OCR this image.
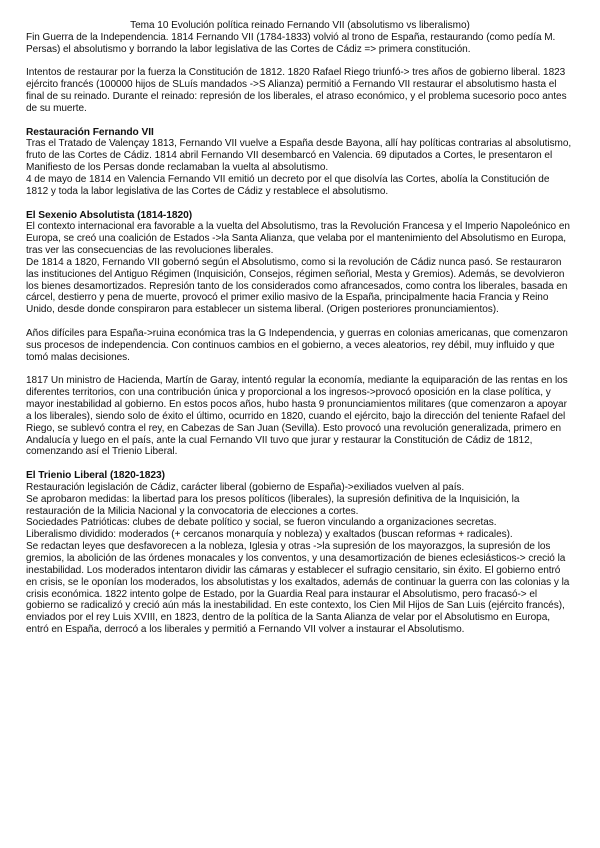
Tema 10 Evolución política reinado Fernando VII (absolutismo vs liberalismo)

Fin Guerra de la Independencia. 1814 Fernando VII (1784-1833) volvió al trono de España, restaurando (como pedía M. Persas) el absolutismo y borrando la labor legislativa de las Cortes de Cádiz => primera constitución.

Intentos de restaurar por la fuerza la Constitución de 1812. 1820 Rafael Riego triunfó-> tres años de gobierno liberal. 1823 ejército francés (100000 hijos de SLuís mandados ->S Alianza) permitió a Fernando VII restaurar el absolutismo hasta el final de su reinado. Durante el reinado: represión de los liberales, el atraso económico, y el problema sucesorio poco antes de su muerte.

Restauración Fernando VII

Tras el Tratado de Valençay 1813, Fernando VII vuelve a España desde Bayona, allí hay políticas contrarias al absolutismo, fruto de las Cortes de Cádiz. 1814 abril Fernando VII desembarcó en Valencia. 69 diputados a Cortes, le presentaron el Manifiesto de los Persas donde reclamaban la vuelta al absolutismo.

4 de mayo de 1814 en Valencia Fernando VII emitió un decreto por el que disolvía las Cortes, abolía la Constitución de 1812 y toda la labor legislativa de las Cortes de Cádiz y restablece el absolutismo.

El Sexenio Absolutista (1814-1820)

El contexto internacional era favorable a la vuelta del Absolutismo, tras la Revolución Francesa y el Imperio Napoleónico en Europa, se creó una coalición de Estados ->la Santa Alianza, que velaba por el mantenimiento del Absolutismo en Europa, tras ver las consecuencias de las revoluciones liberales.

De 1814 a 1820, Fernando VII gobernó según el Absolutismo, como si la revolución de Cádiz nunca pasó. Se restauraron las instituciones del Antiguo Régimen (Inquisición, Consejos, régimen señorial, Mesta y Gremios). Además, se devolvieron los bienes desamortizados. Represión tanto de los considerados como afrancesados, como contra los liberales, basada en cárcel, destierro y pena de muerte, provocó el primer exilio masivo de la España, principalmente hacia Francia y Reino Unido, desde donde conspiraron para establecer un sistema liberal. (Origen posteriores pronunciamientos).

Años difíciles para España->ruina económica tras la G Independencia, y guerras en colonias americanas, que comenzaron sus procesos de independencia. Con continuos cambios en el gobierno, a veces aleatorios, rey débil, muy influido y que tomó malas decisiones.

1817 Un ministro de Hacienda, Martín de Garay, intentó regular la economía, mediante la equiparación de las rentas en los diferentes territorios, con una contribución única y proporcional a los ingresos->provocó oposición en la clase política, y mayor inestabilidad al gobierno. En estos pocos años, hubo hasta 9 pronunciamientos militares (que comenzaron a apoyar a los liberales), siendo solo de éxito el último, ocurrido en 1820, cuando el ejército, bajo la dirección del teniente Rafael del Riego, se sublevó contra el rey, en Cabezas de San Juan (Sevilla). Esto provocó una revolución generalizada, primero en Andalucía y luego en el país, ante la cual Fernando VII tuvo que jurar y restaurar la Constitución de Cádiz de 1812, comenzando así el Trienio Liberal.

El Trienio Liberal (1820-1823)

Restauración legislación de Cádiz, carácter liberal (gobierno de España)->exiliados vuelven al país.

Se aprobaron medidas: la libertad para los presos políticos (liberales), la supresión definitiva de la Inquisición, la restauración de la Milicia Nacional y la convocatoria de elecciones a cortes.

Sociedades Patrióticas: clubes de debate político y social, se fueron vinculando a organizaciones secretas.

Liberalismo dividido: moderados (+ cercanos monarquía y nobleza) y exaltados (buscan reformas + radicales).

Se redactan leyes que desfavorecen a la nobleza, Iglesia y otras ->la supresión de los mayorazgos, la supresión de los gremios, la abolición de las órdenes monacales y los conventos, y una desamortización de bienes eclesiásticos-> creció la inestabilidad. Los moderados intentaron dividir las cámaras y establecer el sufragio censitario, sin éxito. El gobierno entró en crisis, se le oponían los moderados, los absolutistas y los exaltados, además de continuar la guerra con las colonias y la crisis económica. 1822 intento golpe de Estado, por la Guardia Real para instaurar el Absolutismo, pero fracasó-> el gobierno se radicalizó y creció aún más la inestabilidad. En este contexto, los Cien Mil Hijos de San Luis (ejército francés), enviados por el rey Luis XVIII, en 1823, dentro de la política de la Santa Alianza de velar por el Absolutismo en Europa, entró en España, derrocó a los liberales y permitió a Fernando VII volver a instaurar el Absolutismo.
